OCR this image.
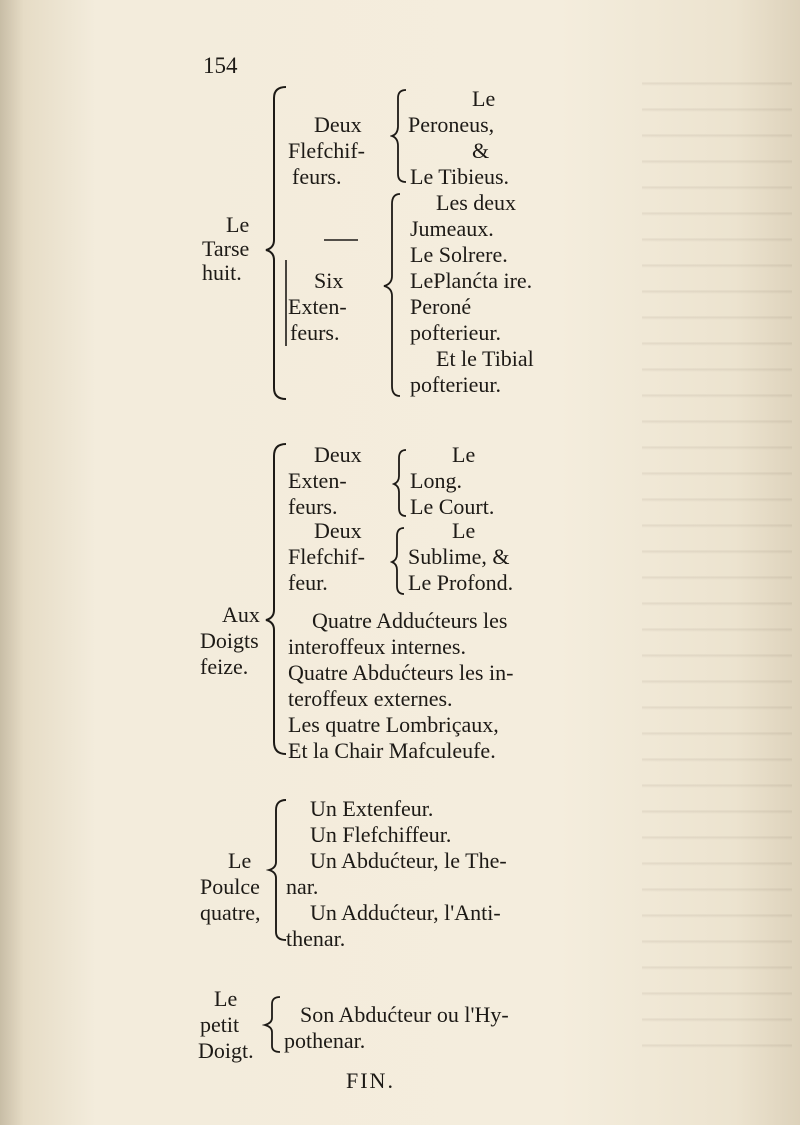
154
Le
Tarse
huit.
Deux
Flefchif-
feurs.
Le
Peroneus,
&
Le Tibieus.
Six
Exten-
feurs.
Les deux
Jumeaux.
Le Solrere.
LePlanćta ire.
Peroné
pofterieur.
Et le Tibial
pofterieur.
Aux
Doigts
feize.
Deux
Exten-
feurs.
Le
Long.
Le Court.
Deux
Flefchif-
feur.
Le
Sublime, &
Le Profond.
Quatre Addućteurs les
interoffeux internes.
Quatre Abdućteurs les in-
teroffeux externes.
Les quatre Lombriçaux,
Et la Chair Mafculeufe.
Le
Poulce
quatre,
Un Extenfeur.
Un Flefchiffeur.
Un Abdućteur, le The-
nar.
Un Addućteur, l'Anti-
thenar.
Le
petit
Doigt.
Son Abdućteur ou l'Hy-
pothenar.
FIN.
